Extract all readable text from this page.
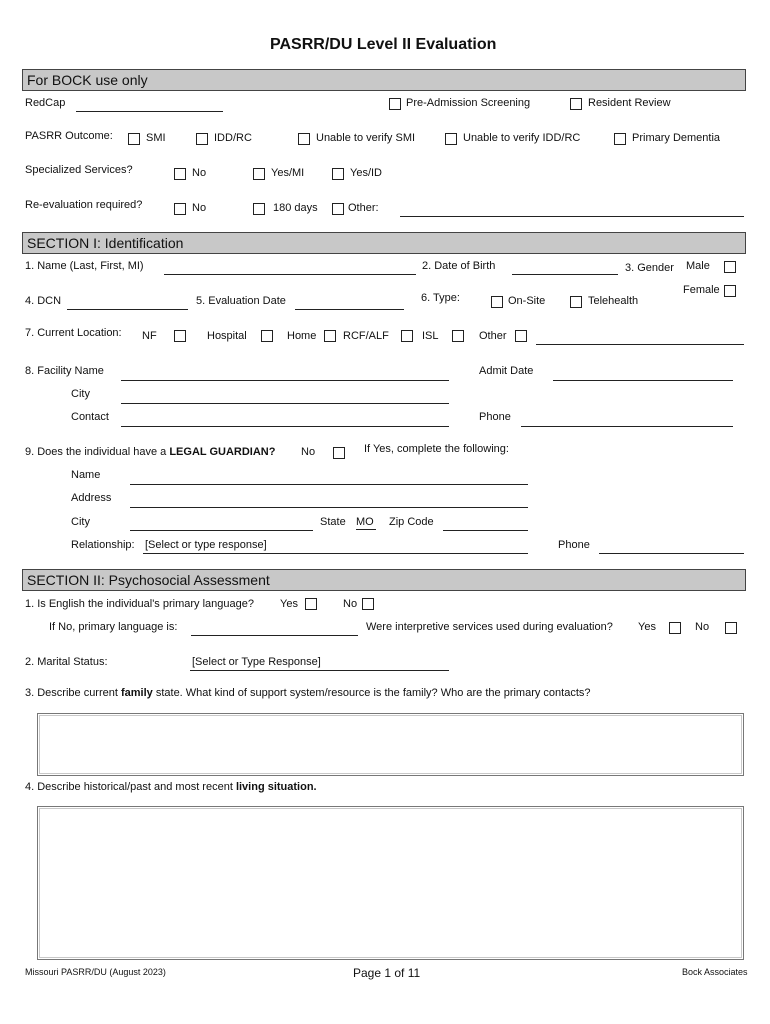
PASRR/DU Level II Evaluation
For BOCK use only
RedCap	Pre-Admission Screening	Resident Review
PASRR Outcome:	SMI	IDD/RC	Unable to verify SMI	Unable to verify IDD/RC	Primary Dementia
Specialized Services?	No	Yes/MI	Yes/ID
Re-evaluation required?	No	180 days	Other:
SECTION I: Identification
1. Name (Last, First, MI)	2. Date of Birth	3. Gender Male
Female
4. DCN	5. Evaluation Date	6. Type:	On-Site	Telehealth
7. Current Location: NF	Hospital	Home RCF/ALF	ISL	Other
8. Facility Name	Admit Date
City
Contact	Phone
9. Does the individual have a LEGAL GUARDIAN? No	If Yes, complete the following:
Name
Address
City	State MO Zip Code
Relationship: [Select or type response]	Phone
SECTION II: Psychosocial Assessment
1. Is English the individual's primary language? Yes	No
If No, primary language is:	Were interpretive services used during evaluation? Yes	No
2. Marital Status:	[Select or Type Response]
3. Describe current family state. What kind of support system/resource is the family? Who are the primary contacts?
4. Describe historical/past and most recent living situation.
Missouri PASRR/DU (August 2023)	Page 1 of 11	Bock Associates
